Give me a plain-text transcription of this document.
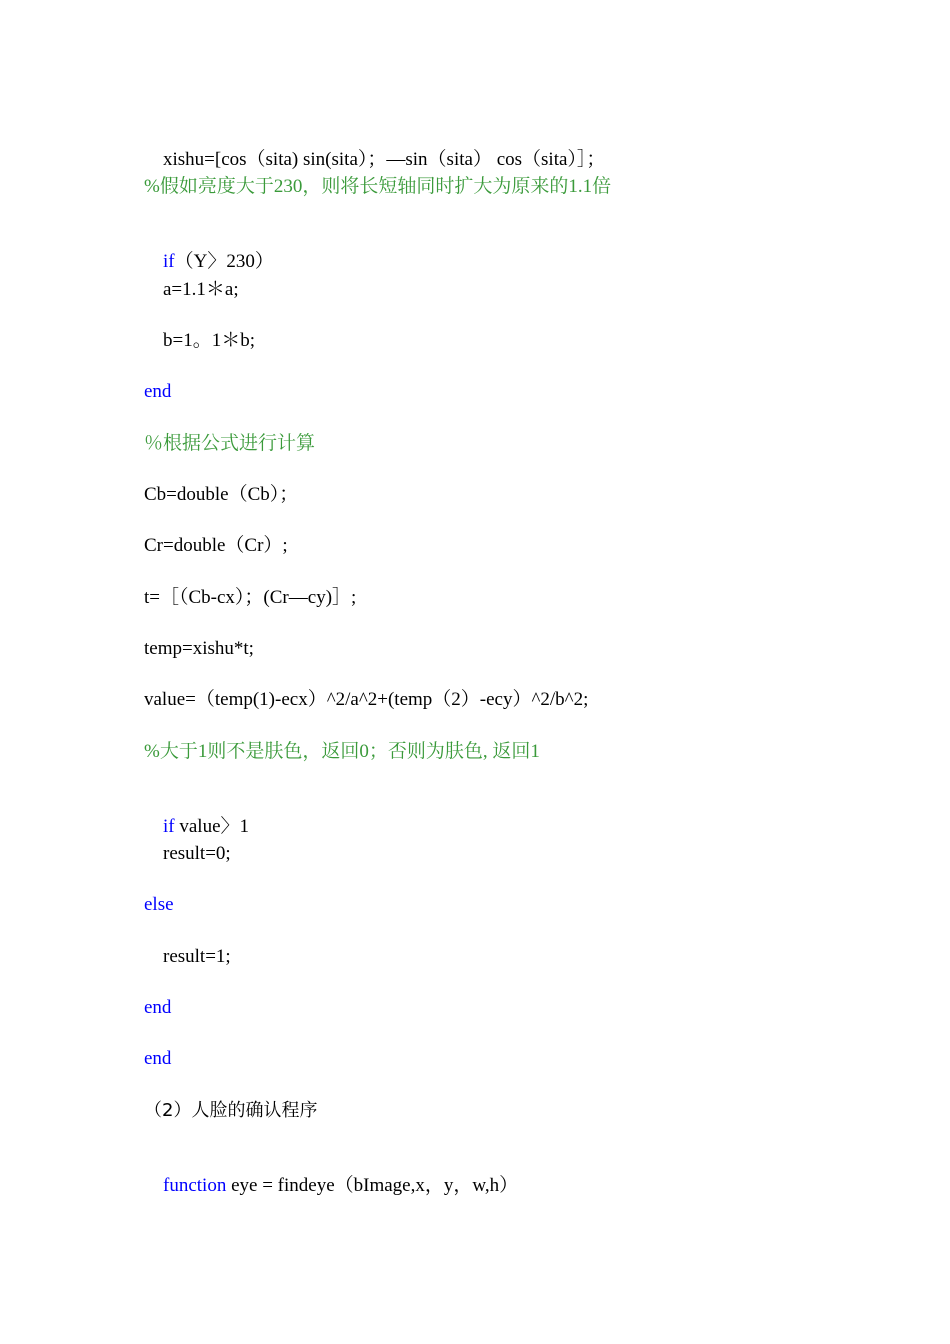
xishu=[cos（sita) sin(sita）；—sin（sita） cos（sita）］；

%假如亮度大于230，则将长短轴同时扩大为原来的1.1倍

if（Y〉230）

a=1.1＊a;
b=1。1＊b;
end
％根据公式进行计算
Cb=double（Cb）；
Cr=double（Cr）;
t=［（Cb-cx）；(Cr—cy)］;
temp=xishu*t;
value=（temp(1)-ecx）^2/a^2+(temp（2）-ecy）^2/b^2;
%大于1则不是肤色，返回0；否则为肤色, 返回1

if value〉1

result=0;
else
result=1;
end
end
（2）人脸的确认程序

function eye = findeye（bImage,x，y，w,h）
